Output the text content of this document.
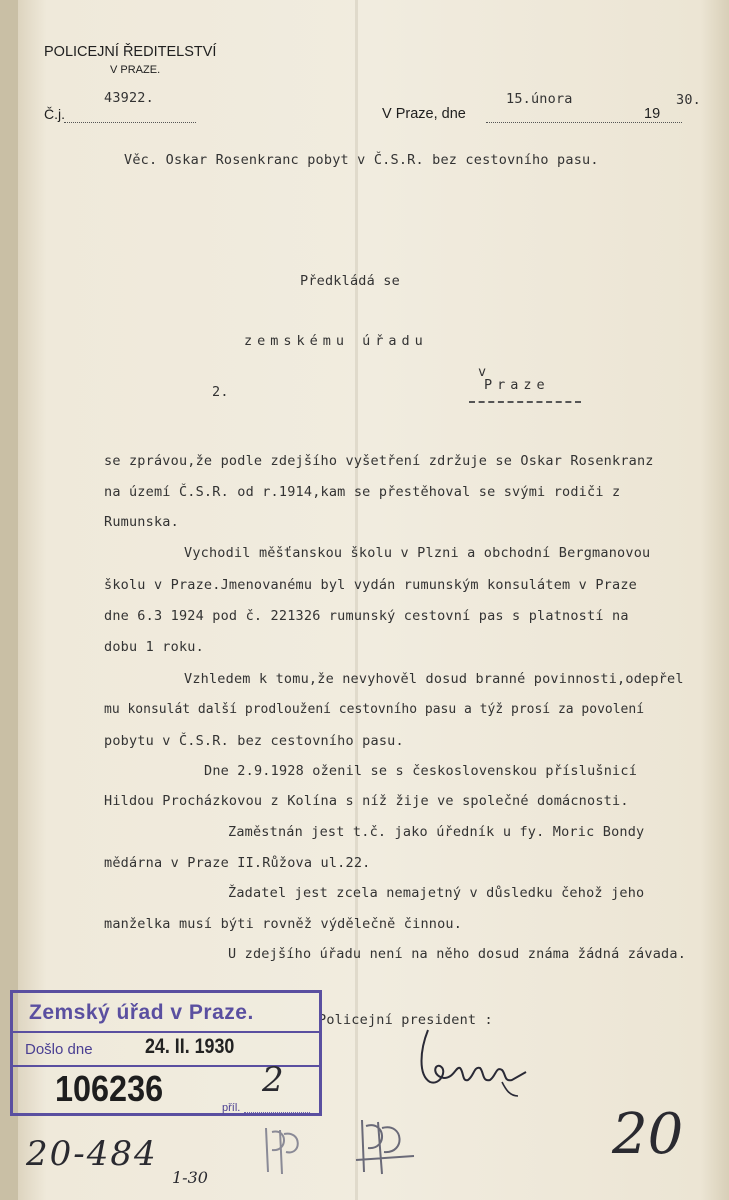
POLICEJNÍ ŘEDITELSTVÍ
V PRAZE.
Č.j.
43922.
V Praze, dne
15.února
19
30.
Věc. Oskar Rosenkranc pobyt v Č.S.R. bez cestovního pasu.
Předkládá se
zemskému úřadu
2.
v
Praze
se zprávou,že podle zdejšího vyšetření zdržuje se Oskar Rosenkranz
na území Č.S.R. od r.1914,kam se přestěhoval se svými rodiči z
Rumunska.
Vychodil měšťanskou školu v Plzni a obchodní Bergmanovou
školu v Praze.Jmenovanému byl vydán rumunským konsulátem v Praze
dne 6.3 1924 pod č. 221326 rumunský cestovní pas s platností na
dobu 1 roku.
Vzhledem k tomu,že nevyhověl dosud branné povinnosti,odepřel
mu konsulát další prodloužení cestovního pasu a týž prosí za povolení
pobytu v Č.S.R. bez cestovního pasu.
Dne 2.9.1928 oženil se s československou příslušnicí
Hildou Procházkovou z Kolína s níž žije ve společné domácnosti.
Zaměstnán jest t.č. jako úředník u fy. Moric Bondy
mědárna v Praze II.Růžova ul.22.
Žadatel jest zcela nemajetný v důsledku čehož jeho
manželka musí býti rovněž výdělečně činnou.
U zdejšího úřadu není na něho dosud známa žádná závada.
Policejní president :
Zemský úřad v Praze.
Došlo dne 24. II. 1930
106236	příl.
2
20-484
1-30
20
